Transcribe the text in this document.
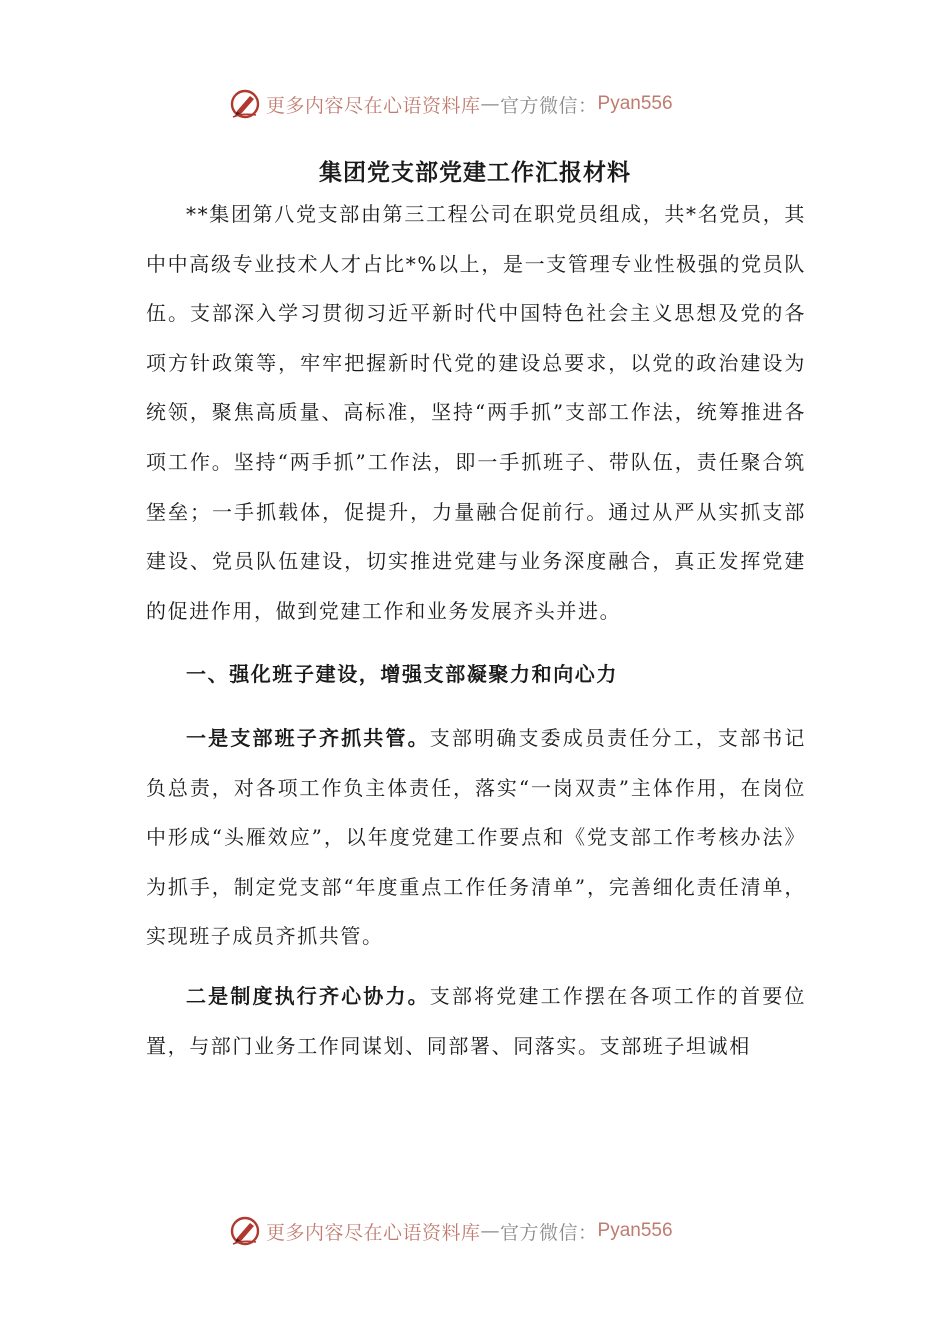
更多内容尽在心语资料库 — 官方微信： Pyan556
集团党支部党建工作汇报材料

**集团第八党支部由第三工程公司在职党员组成，共*名党员，其中中高级专业技术人才占比*%以上，是一支管理专业性极强的党员队伍。支部深入学习贯彻习近平新时代中国特色社会主义思想及党的各项方针政策等，牢牢把握新时代党的建设总要求，以党的政治建设为统领，聚焦高质量、高标准，坚持“两手抓”支部工作法，统筹推进各项工作。坚持“两手抓”工作法，即一手抓班子、带队伍，责任聚合筑堡垒；一手抓载体，促提升，力量融合促前行。通过从严从实抓支部建设、党员队伍建设，切实推进党建与业务深度融合，真正发挥党建的促进作用，做到党建工作和业务发展齐头并进。

一、强化班子建设，增强支部凝聚力和向心力

一是支部班子齐抓共管。支部明确支委成员责任分工，支部书记负总责，对各项工作负主体责任，落实“一岗双责”主体作用，在岗位中形成“头雁效应”，以年度党建工作要点和《党支部工作考核办法》为抓手，制定党支部“年度重点工作任务清单”，完善细化责任清单，实现班子成员齐抓共管。

二是制度执行齐心协力。支部将党建工作摆在各项工作的首要位置，与部门业务工作同谋划、同部署、同落实。支部班子坦诚相

更多内容尽在心语资料库 — 官方微信： Pyan556
